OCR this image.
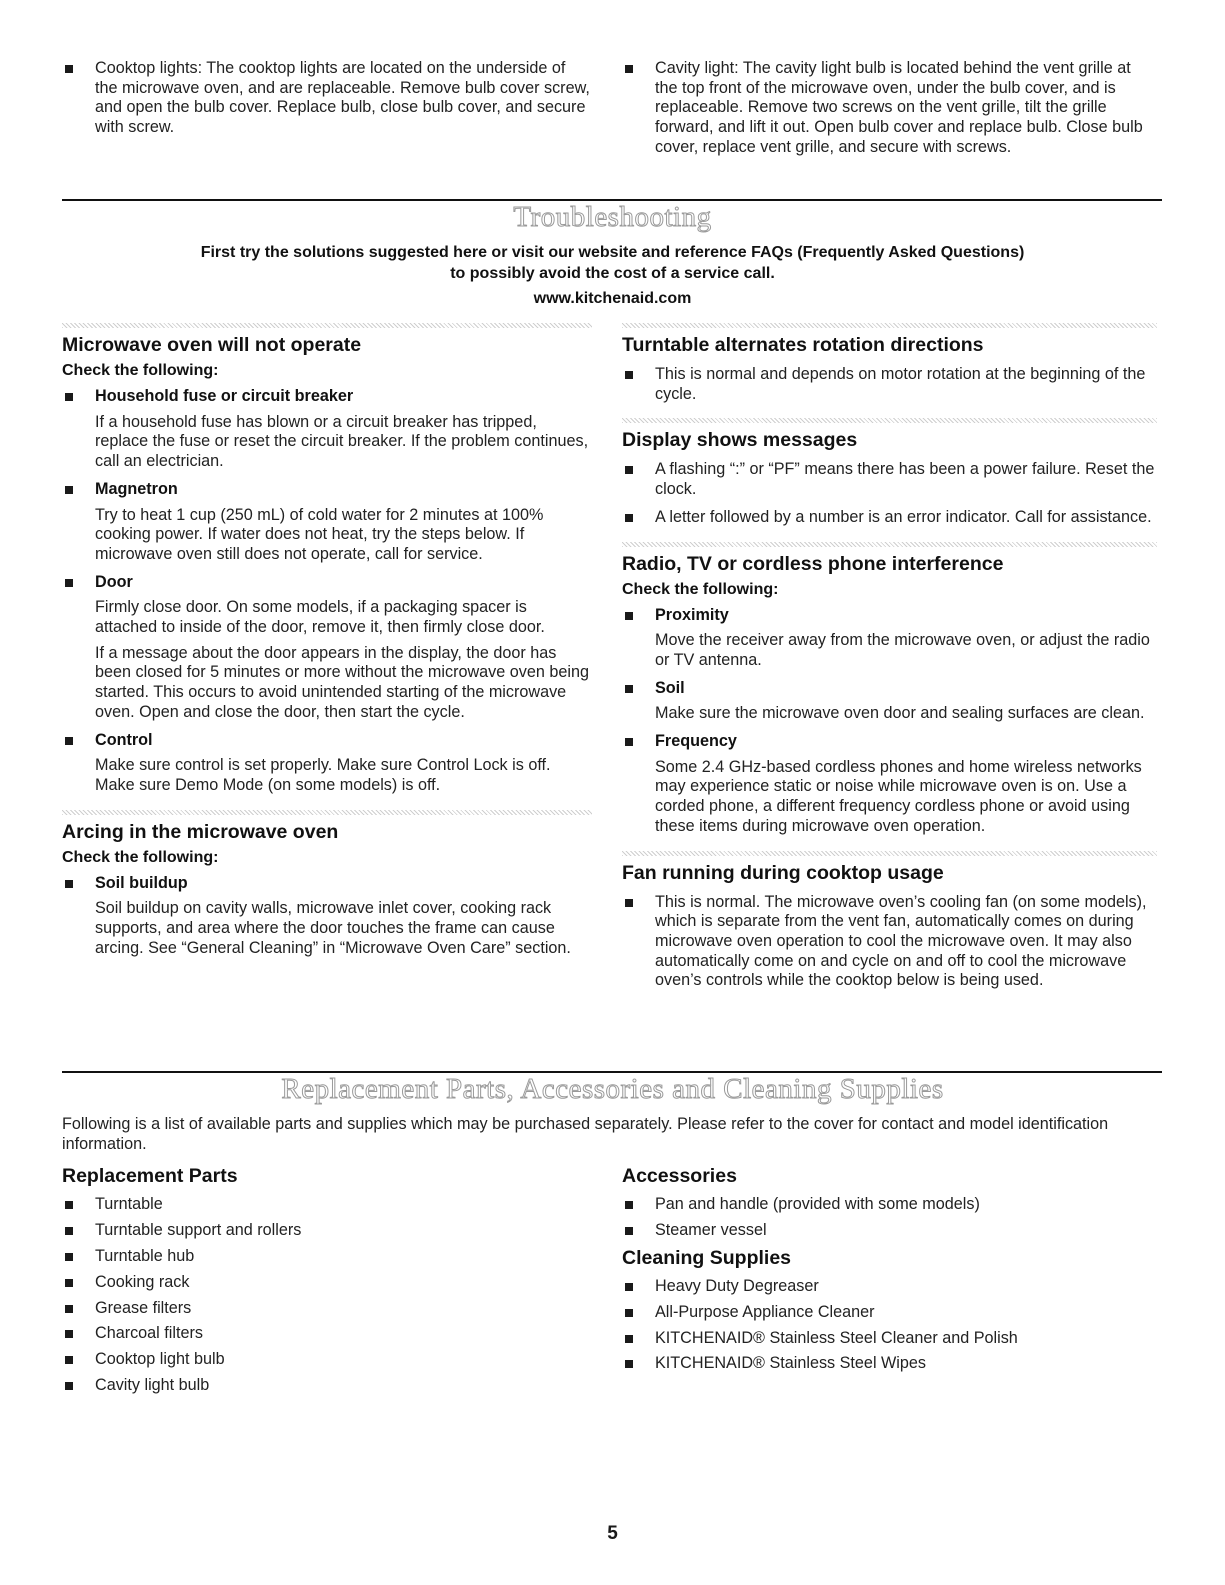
Cooktop lights: The cooktop lights are located on the underside of the microwave oven, and are replaceable. Remove bulb cover screw, and open the bulb cover. Replace bulb, close bulb cover, and secure with screw.
Cavity light: The cavity light bulb is located behind the vent grille at the top front of the microwave oven, under the bulb cover, and is replaceable. Remove two screws on the vent grille, tilt the grille forward, and lift it out. Open bulb cover and replace bulb. Close bulb cover, replace vent grille, and secure with screws.
Troubleshooting
First try the solutions suggested here or visit our website and reference FAQs (Frequently Asked Questions)
to possibly avoid the cost of a service call.
www.kitchenaid.com
Microwave oven will not operate
Check the following:
Household fuse or circuit breaker
If a household fuse has blown or a circuit breaker has tripped, replace the fuse or reset the circuit breaker. If the problem continues, call an electrician.
Magnetron
Try to heat 1 cup (250 mL) of cold water for 2 minutes at 100% cooking power. If water does not heat, try the steps below. If microwave oven still does not operate, call for service.
Door
Firmly close door. On some models, if a packaging spacer is attached to inside of the door, remove it, then firmly close door.
If a message about the door appears in the display, the door has been closed for 5 minutes or more without the microwave oven being started. This occurs to avoid unintended starting of the microwave oven. Open and close the door, then start the cycle.
Control
Make sure control is set properly. Make sure Control Lock is off. Make sure Demo Mode (on some models) is off.
Arcing in the microwave oven
Check the following:
Soil buildup
Soil buildup on cavity walls, microwave inlet cover, cooking rack supports, and area where the door touches the frame can cause arcing. See “General Cleaning” in “Microwave Oven Care” section.
Turntable alternates rotation directions
This is normal and depends on motor rotation at the beginning of the cycle.
Display shows messages
A flashing “:” or “PF” means there has been a power failure. Reset the clock.
A letter followed by a number is an error indicator. Call for assistance.
Radio, TV or cordless phone interference
Check the following:
Proximity
Move the receiver away from the microwave oven, or adjust the radio or TV antenna.
Soil
Make sure the microwave oven door and sealing surfaces are clean.
Frequency
Some 2.4 GHz-based cordless phones and home wireless networks may experience static or noise while microwave oven is on. Use a corded phone, a different frequency cordless phone or avoid using these items during microwave oven operation.
Fan running during cooktop usage
This is normal. The microwave oven’s cooling fan (on some models), which is separate from the vent fan, automatically comes on during microwave oven operation to cool the microwave oven. It may also automatically come on and cycle on and off to cool the microwave oven’s controls while the cooktop below is being used.
Replacement Parts, Accessories and Cleaning Supplies
Following is a list of available parts and supplies which may be purchased separately. Please refer to the cover for contact and model identification information.
Replacement Parts
Turntable
Turntable support and rollers
Turntable hub
Cooking rack
Grease filters
Charcoal filters
Cooktop light bulb
Cavity light bulb
Accessories
Pan and handle (provided with some models)
Steamer vessel
Cleaning Supplies
Heavy Duty Degreaser
All-Purpose Appliance Cleaner
KITCHENAID® Stainless Steel Cleaner and Polish
KITCHENAID® Stainless Steel Wipes
5
